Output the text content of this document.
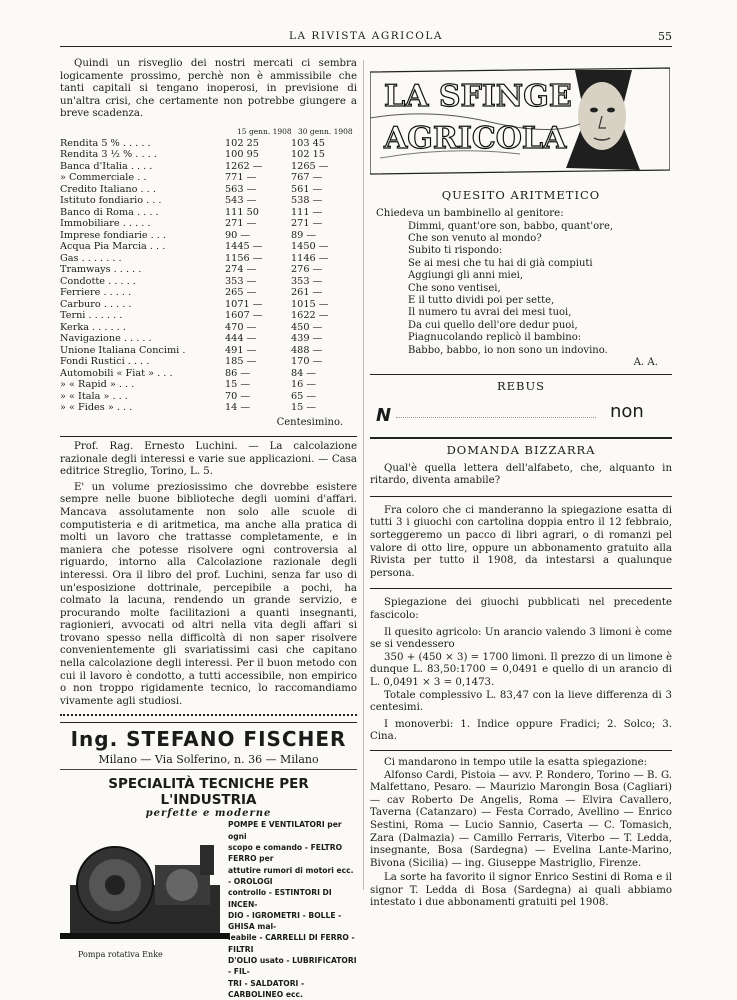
LA RIVISTA AGRICOLA	55

Quindi un risveglio dei nostri mercati ci sembra logicamente prossimo, perchè non è ammissibile che tanti capitali si tengano inoperosi, in previsione di un'altra crisi, che certamente non potrebbe giungere a breve scadenza.

15 genn. 1908 30 genn. 1908
Rendita 5 % . . . . .	102 25	103 45
Rendita 3 ½ % . . . .	100 95	102 15
Banca d'Italia . . . .	1262 —	1265 —
» Commerciale . .	771 —	767 —
Credito Italiano . . .	563 —	561 —
Istituto fondiario . . .	543 —	538 —
Banco di Roma . . . .	111 50	111 —
Immobiliare . . . . .	271 —	271 —
Imprese fondiarie . . .	90 —	89 —
Acqua Pia Marcia . . .	1445 —	1450 —
Gas . . . . . . .	1156 —	1146 —
Tramways . . . . .	274 —	276 —
Condotte . . . . .	353 —	353 —
Ferriere . . . . .	265 —	261 —
Carburo . . . . .	1071 —	1015 —
Terni . . . . . .	1607 —	1622 —
Kerka . . . . . .	470 —	450 —
Navigazione . . . . .	444 —	439 —
Unione Italiana Concimi .	491 —	488 —
Fondi Rustici . . . .	185 —	170 —
Automobili « Fiat » . . .	86 —	84 —
» « Rapid » . . .	15 —	16 —
» « Itala » . . .	70 —	65 —
» « Fides » . . .	14 —	15 —
Centesimino.

Prof. Rag. Ernesto Luchini. — La calcolazione razionale degli interessi e varie sue applicazioni. — Casa editrice Streglio, Torino, L. 5.

E' un volume preziosissimo che dovrebbe esistere sempre nelle buone biblioteche degli uomini d'affari. Mancava assolutamente non solo alle scuole di computisteria e di aritmetica, ma anche alla pratica di molti un lavoro che trattasse completamente, e in maniera che potesse risolvere ogni controversia al riguardo, intorno alla Calcolazione razionale degli interessi. Ora il libro del prof. Luchini, senza far uso di un'esposizione dottrinale, percepibile a pochi, ha colmato la lacuna, rendendo un grande servizio, e procurando molte facilitazioni a quanti insegnanti, ragionieri, avvocati od altri nella vita degli affari si trovano spesso nella difficoltà di non saper risolvere convenientemente gli svariatissimi casi che capitano nella calcolazione degli interessi. Per il buon metodo con cui il lavoro è condotto, a tutti accessibile, non empirico o non troppo rigidamente tecnico, lo raccomandiamo vivamente agli studiosi.

Ing. STEFANO FISCHER
Milano — Via Solferino, n. 36 — Milano
SPECIALITÀ TECNICHE PER L'INDUSTRIA
perfette e moderne
POMPE E VENTILATORI per ogni
scopo e comando - FELTRO FERRO per
attutire rumori di motori ecc. - OROLOGI
controllo - ESTINTORI DI INCEN-
DIO - IGROMETRI - BOLLE - GHISA mal-
leabile - CARRELLI DI FERRO - FILTRI
D'OLIO usato - LUBRIFICATORI - FIL-
TRI - SALDATORI - CARBOLINEO ecc.
Pompa rotativa Enke
LA SFINGE
AGRICOLA
QUESITO ARITMETICO

Chiedeva un bambinello al genitore:

Dimmi, quant'ore son, babbo, quant'ore,

Che son venuto al mondo?

Subito ti rispondo:

Se ai mesi che tu hai di già compiuti

Aggiungi gli anni miei,

Che sono ventisei,

E il tutto dividi poi per sette,

Il numero tu avrai dei mesi tuoi,

Da cui quello dell'ore dedur puoi,

Piagnucolando replicò il bambino:

Babbo, babbo, io non sono un indovino.

A. A.

REBUS
N	non
DOMANDA BIZZARRA

Qual'è quella lettera dell'alfabeto, che, alquanto in ritardo, diventa amabile?

Fra coloro che ci manderanno la spiegazione esatta di tutti 3 i giuochi con cartolina doppia entro il 12 febbraio, sorteggeremo un pacco di libri agrari, o di romanzi pel valore di otto lire, oppure un abbonamento gratuito alla Rivista per tutto il 1908, da intestarsi a qualunque persona.

Spiegazione dei giuochi pubblicati nel precedente fascicolo:

Il quesito agricolo: Un arancio valendo 3 limoni è come se si vendessero

350 + (450 × 3) = 1700 limoni. Il prezzo di un limone è dunque L. 83,50:1700 = 0,0491 e quello di un arancio di L. 0,0491 × 3 = 0,1473.

Totale complessivo L. 83,47 con la lieve differenza di 3 centesimi.

I monoverbi: 1. Indice oppure Fradici; 2. Solco; 3. Cina.

Ci mandarono in tempo utile la esatta spiegazione:

Alfonso Cardi, Pistoia — avv. P. Rondero, Torino — B. G. Malfettano, Pesaro. — Maurizio Marongin Bosa (Cagliari) — cav Roberto De Angelis, Roma — Elvira Cavallero, Taverna (Catanzaro) — Festa Corrado, Avellino — Enrico Sestini, Roma — Lucio Sannio, Caserta — C. Tomasich, Zara (Dalmazia) — Camillo Ferraris, Viterbo — T. Ledda, insegnante, Bosa (Sardegna) — Evelina Lante-Marino, Bivona (Sicilia) — ing. Giuseppe Mastriglio, Firenze.

La sorte ha favorito il signor Enrico Sestini di Roma e il signor T. Ledda di Bosa (Sardegna) ai quali abbiamo intestato i due abbonamenti gratuiti pel 1908.
